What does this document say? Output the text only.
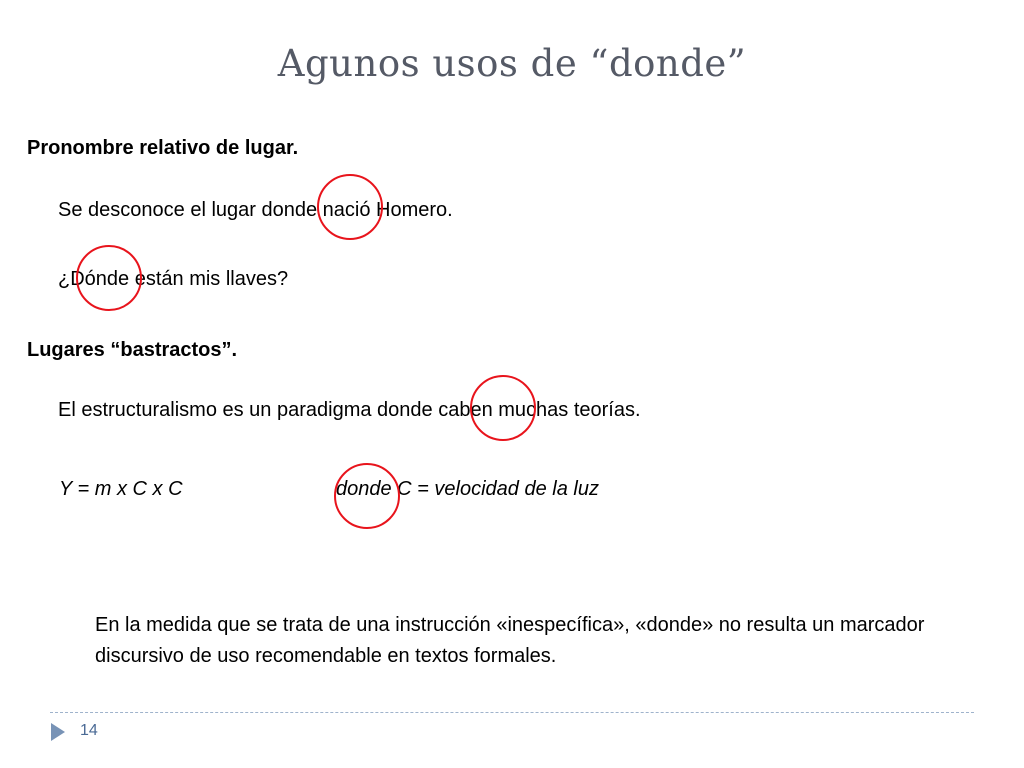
Agunos usos de “donde”
Pronombre relativo de lugar.
Se desconoce el lugar donde nació Homero.
¿Dónde están mis llaves?
Lugares “bastractos”.
El estructuralismo es un paradigma donde caben muchas teorías.
Y = m x C x C	donde C = velocidad de la luz
En la medida que se trata de una instrucción «inespecífica», «donde» no resulta un marcador discursivo de uso recomendable en textos formales.
14
